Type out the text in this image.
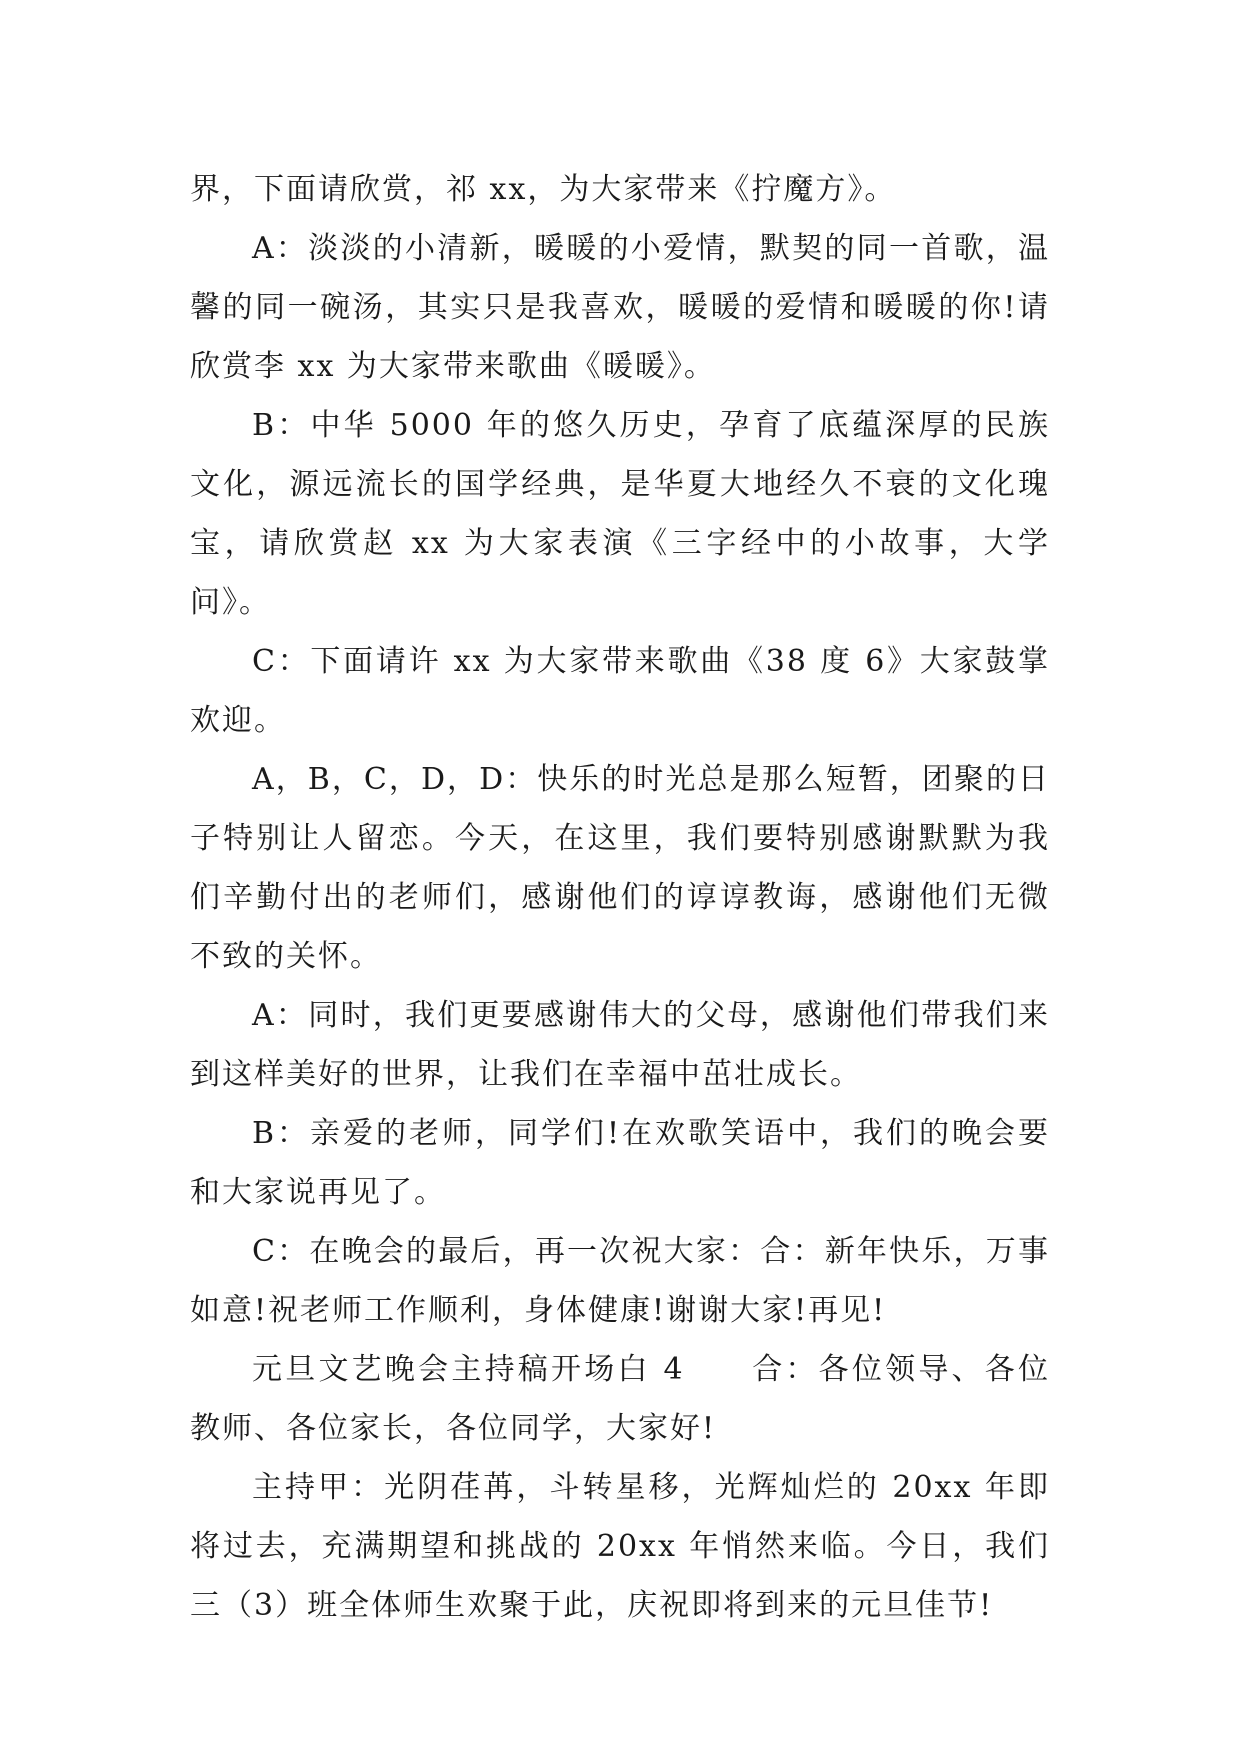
界，下面请欣赏，祁 xx，为大家带来《拧魔方》。

A：淡淡的小清新，暖暖的小爱情，默契的同一首歌，温馨的同一碗汤，其实只是我喜欢，暖暖的爱情和暖暖的你!请欣赏李 xx 为大家带来歌曲《暖暖》。

B：中华 5000 年的悠久历史，孕育了底蕴深厚的民族文化，源远流长的国学经典，是华夏大地经久不衰的文化瑰宝，请欣赏赵 xx 为大家表演《三字经中的小故事，大学问》。

C：下面请许 xx 为大家带来歌曲《38 度 6》大家鼓掌欢迎。

A，B，C，D，D：快乐的时光总是那么短暂，团聚的日子特别让人留恋。今天，在这里，我们要特别感谢默默为我们辛勤付出的老师们，感谢他们的谆谆教诲，感谢他们无微不致的关怀。

A：同时，我们更要感谢伟大的父母，感谢他们带我们来到这样美好的世界，让我们在幸福中茁壮成长。

B：亲爱的老师，同学们!在欢歌笑语中，我们的晚会要和大家说再见了。

C：在晚会的最后，再一次祝大家：合：新年快乐，万事如意!祝老师工作顺利，身体健康!谢谢大家!再见!

元旦文艺晚会主持稿开场白 4　　合：各位领导、各位教师、各位家长，各位同学，大家好!

主持甲：光阴荏苒，斗转星移，光辉灿烂的 20xx 年即将过去，充满期望和挑战的 20xx 年悄然来临。今日，我们三（3）班全体师生欢聚于此，庆祝即将到来的元旦佳节!
